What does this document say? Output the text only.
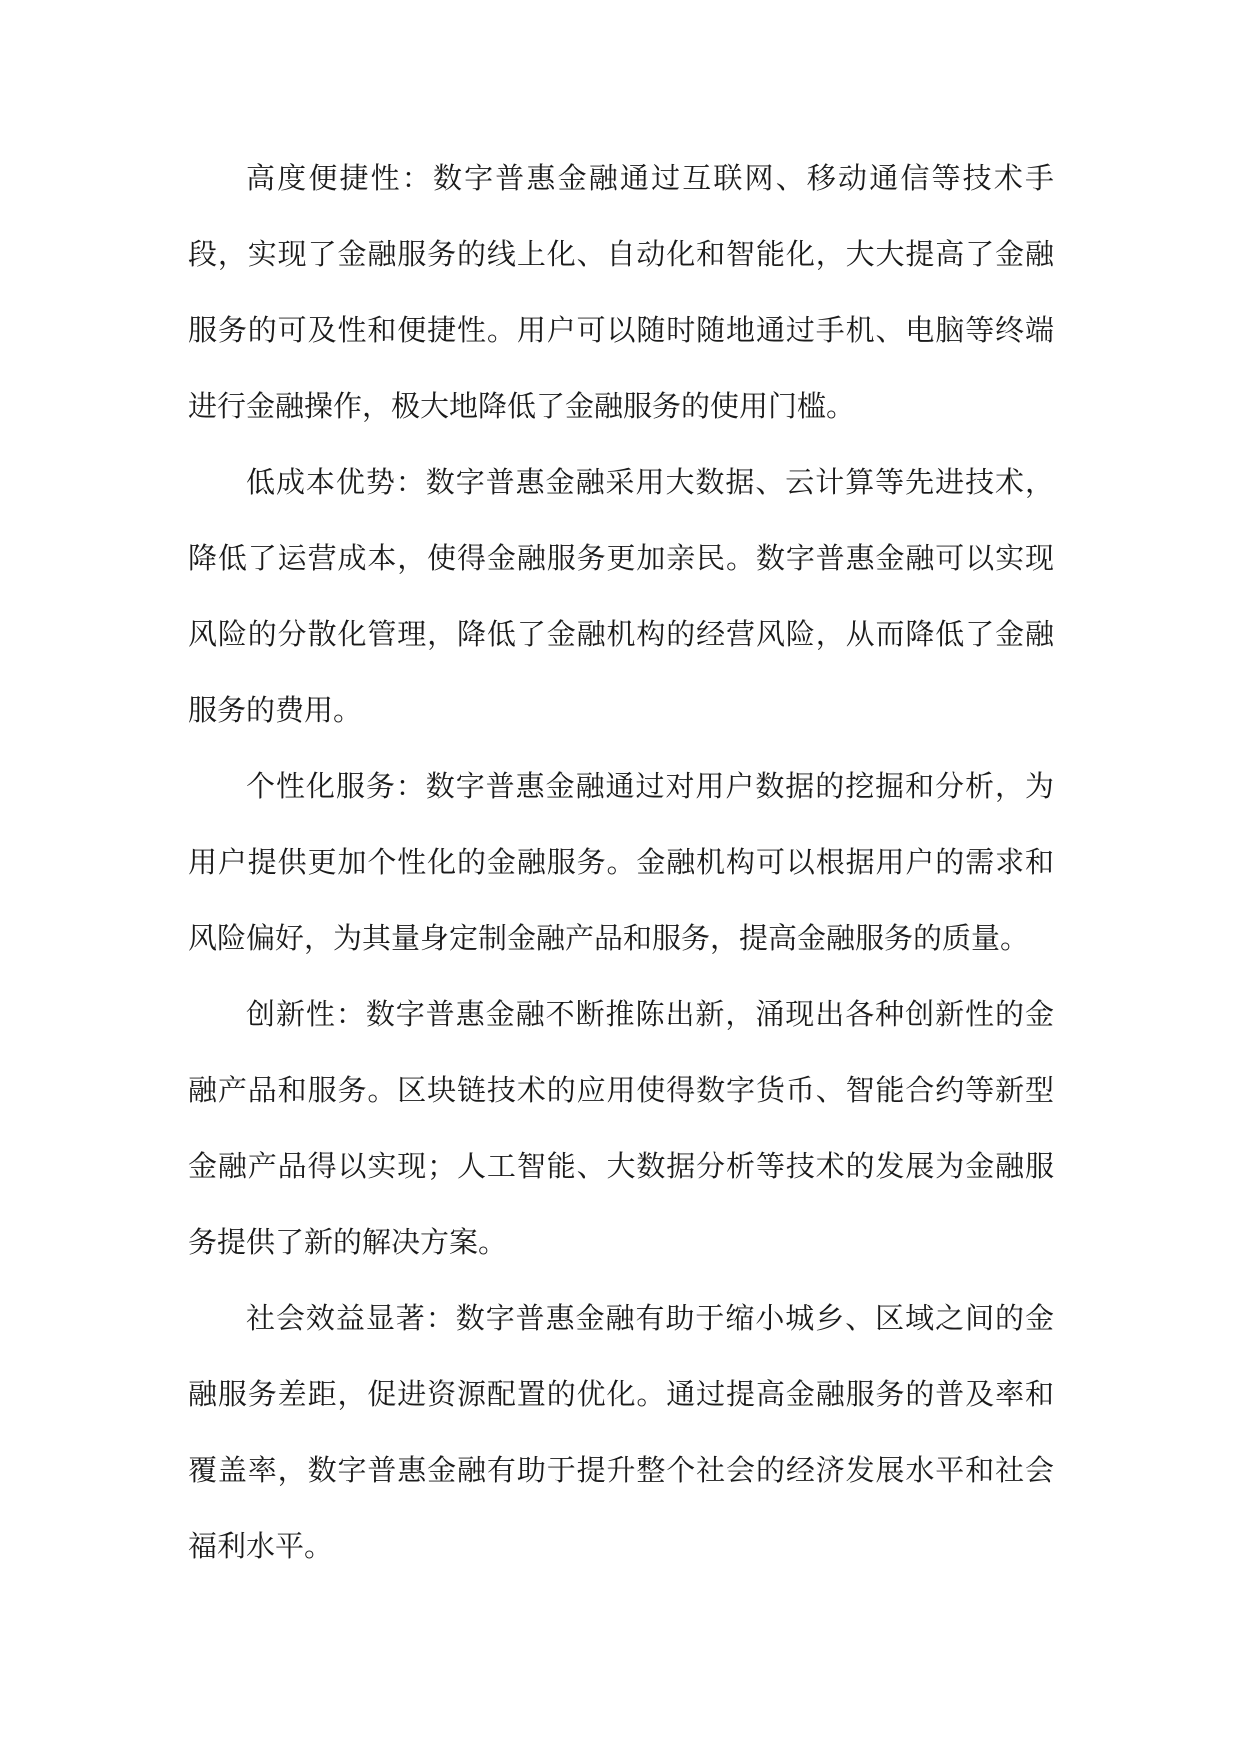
高度便捷性：数字普惠金融通过互联网、移动通信等技术手段，实现了金融服务的线上化、自动化和智能化，大大提高了金融服务的可及性和便捷性。用户可以随时随地通过手机、电脑等终端进行金融操作，极大地降低了金融服务的使用门槛。

低成本优势：数字普惠金融采用大数据、云计算等先进技术，降低了运营成本，使得金融服务更加亲民。数字普惠金融可以实现风险的分散化管理，降低了金融机构的经营风险，从而降低了金融服务的费用。

个性化服务：数字普惠金融通过对用户数据的挖掘和分析，为用户提供更加个性化的金融服务。金融机构可以根据用户的需求和风险偏好，为其量身定制金融产品和服务，提高金融服务的质量。

创新性：数字普惠金融不断推陈出新，涌现出各种创新性的金融产品和服务。区块链技术的应用使得数字货币、智能合约等新型金融产品得以实现；人工智能、大数据分析等技术的发展为金融服务提供了新的解决方案。

社会效益显著：数字普惠金融有助于缩小城乡、区域之间的金融服务差距，促进资源配置的优化。通过提高金融服务的普及率和覆盖率，数字普惠金融有助于提升整个社会的经济发展水平和社会福利水平。
